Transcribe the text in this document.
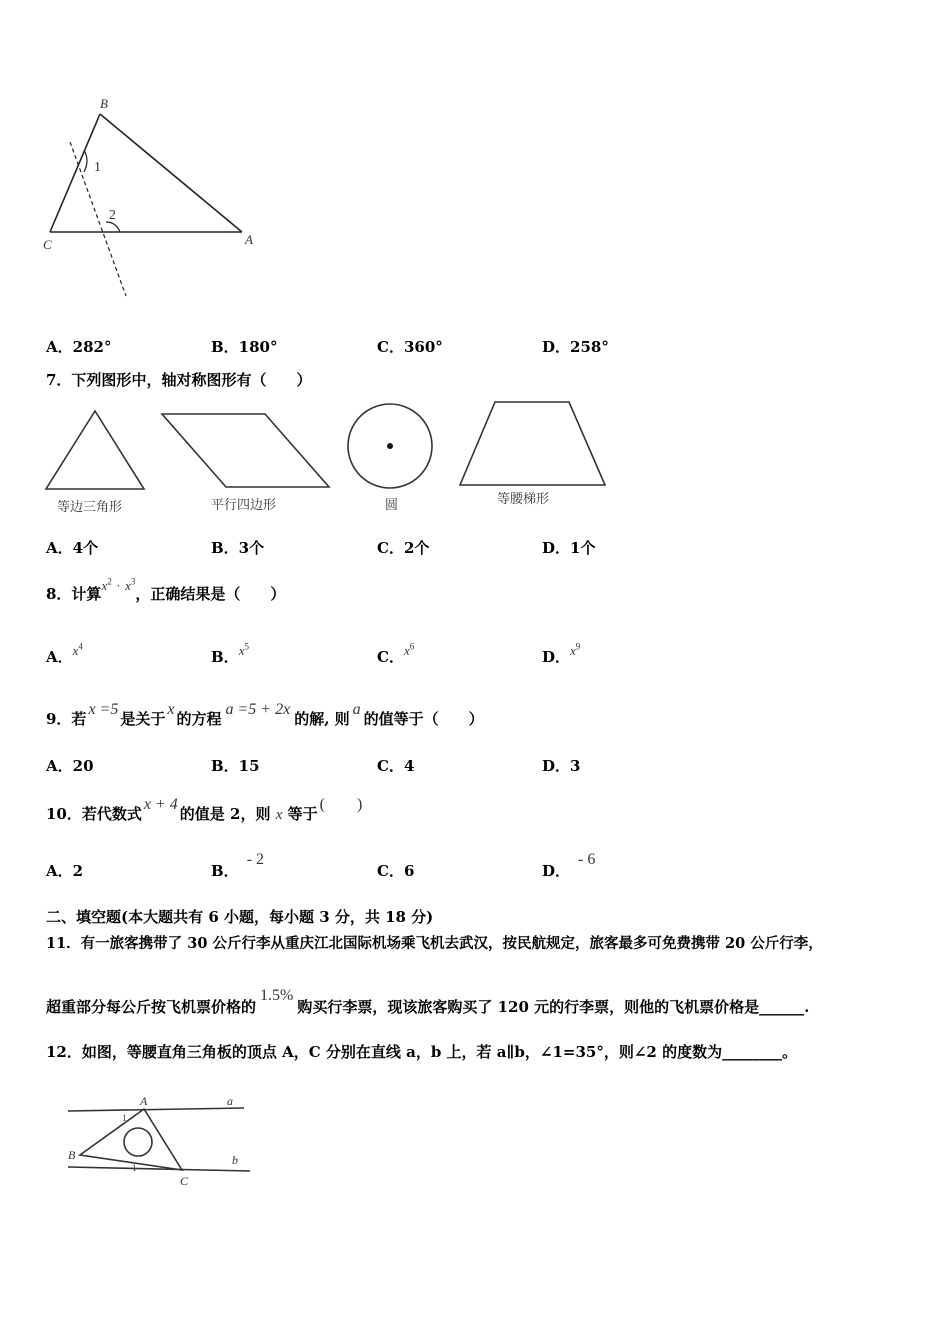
B
1
2
C	A
A．282°	B．180°	C．360°	D．258°
7．下列图形中，轴对称图形有（　　）
等边三角形	平行四边形	圆	等腰梯形
A．4个	B．3个	C．2个	D．1个
8．计算$x^2 \cdot x^3$，正确结果是（　　）
A．$x^4$
B．$x^5$
C．$x^6$
D．$x^9$
9．若x =5是关于x的方程a =5 + 2x的解, 则a的值等于（　　）
A．20	B．15	C．4	D．3
10．若代数式x + 4的值是 2，则 x 等于(　　)
A．2	B．- 2
C．6	D．- 6
二、填空题(本大题共有 6 小题，每小题 3 分，共 18 分)
11．有一旅客携带了 30 公斤行李从重庆江北国际机场乘飞机去武汉，按民航规定，旅客最多可免费携带 20 公斤行李，
超重部分每公斤按飞机票价格的1.5%购买行李票，现该旅客购买了 120 元的行李票，则他的飞机票价格是______.
12．如图，等腰直角三角板的顶点 A，C 分别在直线 a，b 上，若 a∥b，∠1=35°，则∠2 的度数为________。
A	a
B	b
C
1
1
